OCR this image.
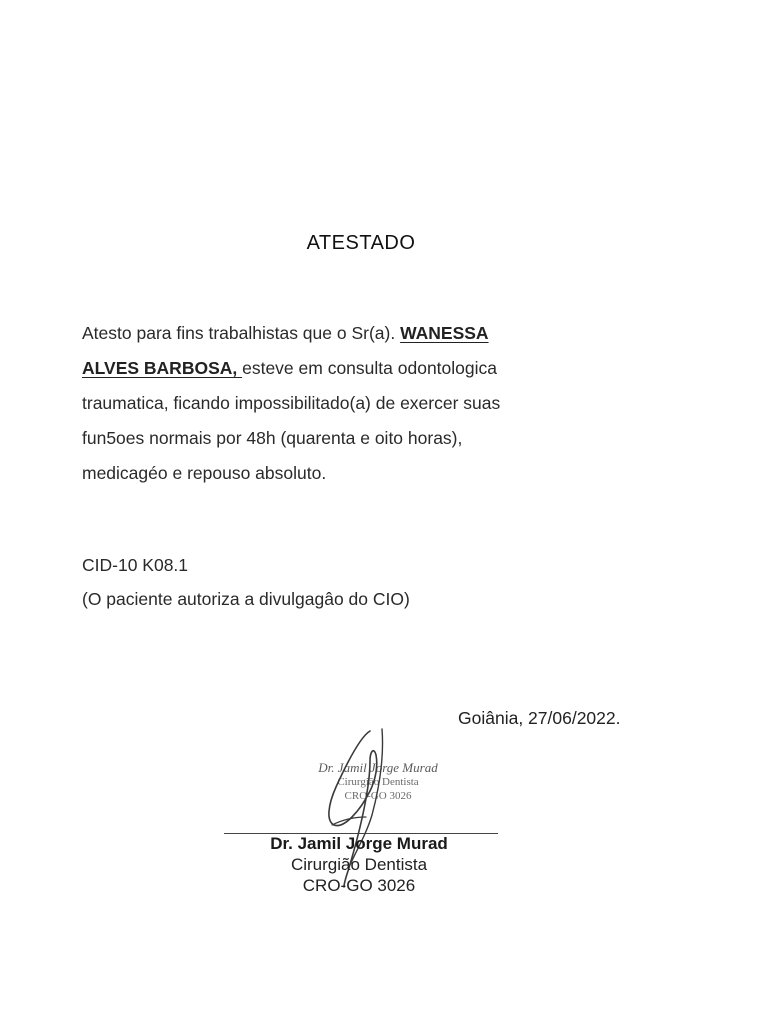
ATESTADO
Atesto para fins trabalhistas que o Sr(a). WANESSA
ALVES BARBOSA, esteve em consulta odontologica
traumatica, ficando impossibilitado(a) de exercer suas
fun5oes normais por 48h (quarenta e oito horas),
medicagéo e repouso absoluto.
CID-10 K08.1
(O paciente autoriza a divulgagâo do CIO)
Goiânia, 27/06/2022.
Dr. Jamil Jorge Murad
Cirurgião Dentista
CRO-GO 3026
Dr. Jamil Jorge Murad
Cirurgião Dentista
CRO-GO 3026
